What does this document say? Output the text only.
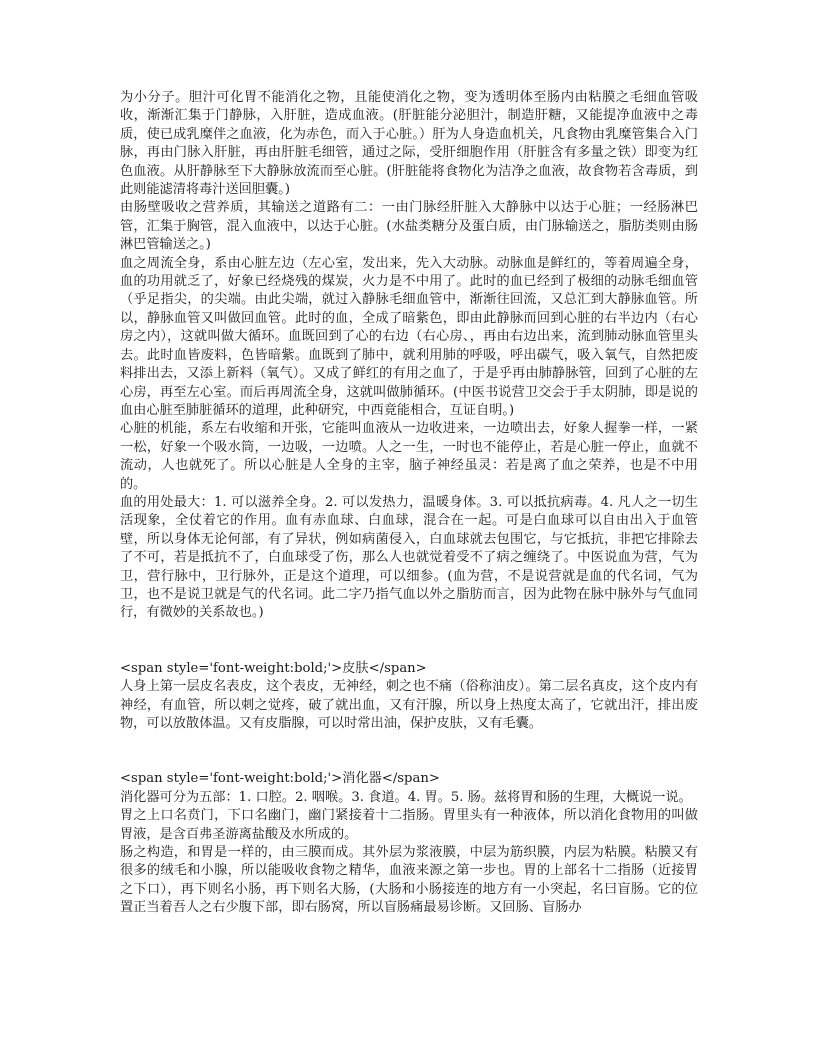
为小分子。胆汁可化胃不能消化之物，且能使消化之物，变为透明体至肠内由粘膜之毛细血管吸收，渐渐汇集于门静脉，入肝脏，造成血液。(肝脏能分泌胆汁，制造肝糖，又能提净血液中之毒质，使已成乳糜伴之血液，化为赤色，而入于心脏。）肝为人身造血机关，凡食物由乳糜管集合入门脉，再由门脉入肝脏，再由肝脏毛细管，通过之际，受肝细胞作用（肝脏含有多量之铁）即变为红色血液。从肝静脉至下大静脉放流而至心脏。(肝脏能将食物化为洁净之血液，故食物若含毒质，到此则能滤清将毒汁送回胆囊。)

由肠壁吸收之营养质，其输送之道路有二：一由门脉经肝脏入大静脉中以达于心脏；一经肠淋巴管，汇集于胸管，混入血液中，以达于心脏。(水盐类糖分及蛋白质，由门脉输送之，脂肪类则由肠淋巴管输送之。)

血之周流全身，系由心脏左边（左心室，发出来，先入大动脉。动脉血是鲜红的，等着周遍全身，血的功用就乏了，好象已经烧残的煤炭，火力是不中用了。此时的血已经到了极细的动脉毛细血管（乎足指尖，的尖端。由此尖端，就过入静脉毛细血管中，渐渐往回流，又总汇到大静脉血管。所以，静脉血管又叫做回血管。此时的血，全成了暗紫色，即由此静脉而回到心脏的右半边内（右心房之内），这就叫做大循环。血既回到了心的右边（右心房、，再由右边出来，流到肺动脉血管里头去。此时血皆废料，色皆暗紫。血既到了肺中，就利用肺的呼吸，呼出碳气，吸入氧气，自然把废料排出去，又添上新料（氧气）。又成了鲜红的有用之血了，于是乎再由肺静脉管，回到了心脏的左心房，再至左心室。而后再周流全身，这就叫做肺循环。(中医书说营卫交会于手太阴肺，即是说的血由心脏至肺脏循环的道理，此种研究，中西竟能相合，互证自明。)

心脏的机能，系左右收缩和开张，它能叫血液从一边收进来，一边喷出去，好象人握拳一样，一紧一松，好象一个吸水筒，一边吸，一边喷。人之一生，一时也不能停止，若是心脏一停止，血就不流动，人也就死了。所以心脏是人全身的主宰，脑子神经虽灵：若是离了血之荣养，也是不中用的。

血的用处最大：1. 可以滋养全身。2. 可以发热力，温暖身体。3. 可以抵抗病毒。4. 凡人之一切生活现象，全仗着它的作用。血有赤血球、白血球，混合在一起。可是白血球可以自由出入于血管壁，所以身体无论何部，有了异状，例如病菌侵入，白血球就去包围它，与它抵抗，非把它排除去了不可，若是抵抗不了，白血球受了伤，那么人也就觉着受不了病之缠绕了。中医说血为营，气为卫，营行脉中，卫行脉外，正是这个道理，可以细参。(血为营，不是说营就是血的代名词，气为卫，也不是说卫就是气的代名词。此二字乃指气血以外之脂肪而言，因为此物在脉中脉外与气血同行，有微妙的关系故也。)

<span style='font-weight:bold;'>皮肤</span>

人身上第一层皮名表皮，这个表皮，无神经，刺之也不痛（俗称油皮）。第二层名真皮，这个皮内有神经，有血管，所以刺之觉疼，破了就出血，又有汗腺，所以身上热度太高了，它就出汗，排出废物，可以放散体温。又有皮脂腺，可以时常出油，保护皮肤，又有毛囊。

<span style='font-weight:bold;'>消化器</span>

消化器可分为五部：1. 口腔。2. 咽喉。3. 食道。4. 胃。5. 肠。兹将胃和肠的生理，大概说一说。

胃之上口名贲门，下口名幽门，幽门紧接着十二指肠。胃里头有一种液体，所以消化食物用的叫做胃液，是含百弗圣游离盐酸及水所成的。

肠之构造，和胃是一样的，由三膜而成。其外层为浆液膜，中层为筋织膜，内层为粘膜。粘膜又有很多的绒毛和小腺，所以能吸收食物之精华，血液来源之第一步也。胃的上部名十二指肠（近接胃之下口），再下则名小肠，再下则名大肠，(大肠和小肠接连的地方有一小突起，名曰盲肠。它的位置正当着吾人之右少腹下部，即右肠窝，所以盲肠痛最易诊断。又回肠、盲肠办
